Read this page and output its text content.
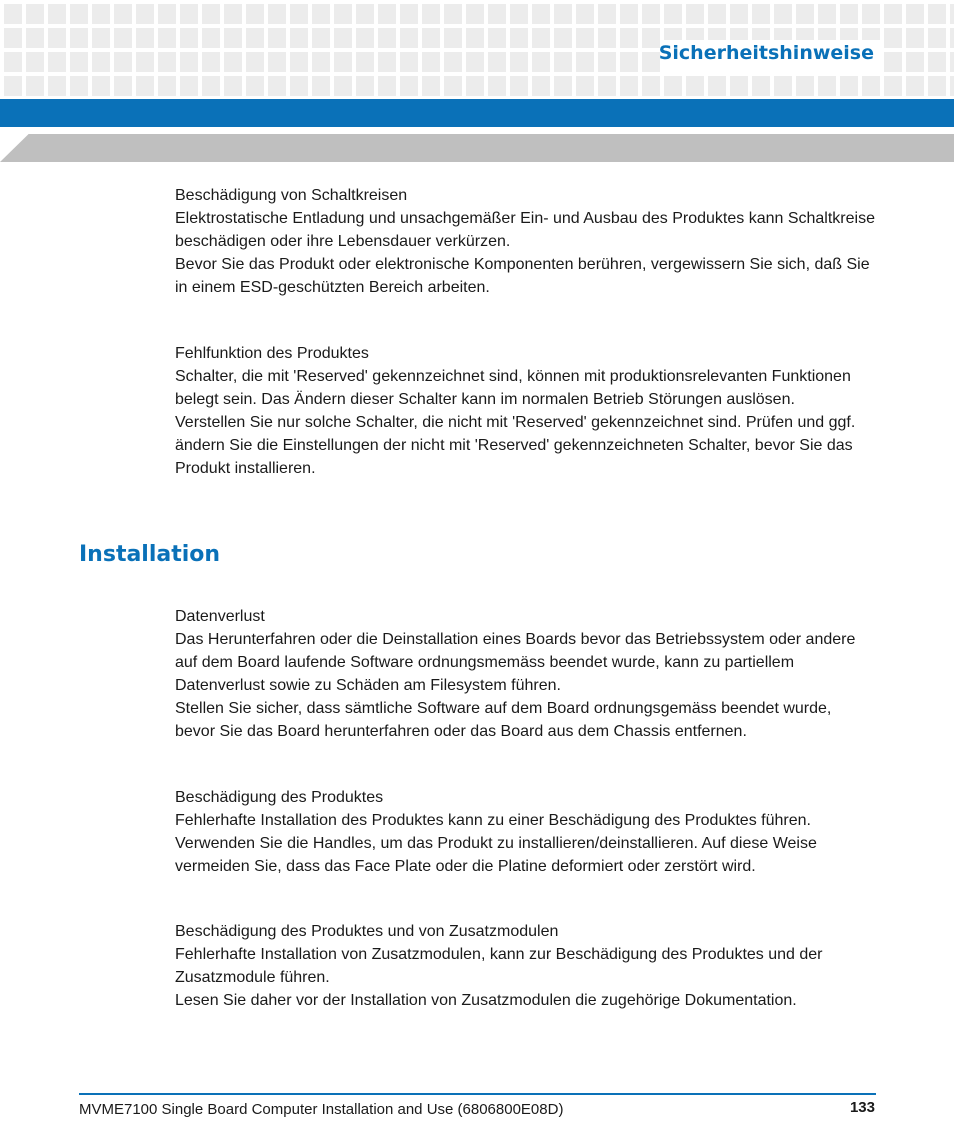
Sicherheitshinweise

Beschädigung von Schaltkreisen

Elektrostatische Entladung und unsachgemäßer Ein- und Ausbau des Produktes kann Schaltkreise beschädigen oder ihre Lebensdauer verkürzen.

Bevor Sie das Produkt oder elektronische Komponenten berühren, vergewissern Sie sich, daß Sie in einem ESD-geschützten Bereich arbeiten.

Fehlfunktion des Produktes

Schalter, die mit 'Reserved' gekennzeichnet sind, können mit produktionsrelevanten Funktionen belegt sein. Das Ändern dieser Schalter kann im normalen Betrieb Störungen auslösen.

Verstellen Sie nur solche Schalter, die nicht mit 'Reserved' gekennzeichnet sind. Prüfen und ggf. ändern Sie die Einstellungen der nicht mit 'Reserved' gekennzeichneten Schalter, bevor Sie das Produkt installieren.

Installation

Datenverlust

Das Herunterfahren oder die Deinstallation eines Boards bevor das Betriebssystem oder andere auf dem Board laufende Software ordnungsmemäss beendet wurde, kann zu partiellem Datenverlust sowie zu Schäden am Filesystem führen.

Stellen Sie sicher, dass sämtliche Software auf dem Board ordnungsgemäss beendet wurde, bevor Sie das Board herunterfahren oder das Board aus dem Chassis entfernen.

Beschädigung des Produktes

Fehlerhafte Installation des Produktes kann zu einer Beschädigung des Produktes führen.

Verwenden Sie die Handles, um das Produkt zu installieren/deinstallieren. Auf diese Weise vermeiden Sie, dass das Face Plate oder die Platine deformiert oder zerstört wird.

Beschädigung des Produktes und von Zusatzmodulen

Fehlerhafte Installation von Zusatzmodulen, kann zur Beschädigung des Produktes und der Zusatzmodule führen.

Lesen Sie daher vor der Installation von Zusatzmodulen die zugehörige Dokumentation.

MVME7100 Single Board Computer Installation and Use (6806800E08D)	133
